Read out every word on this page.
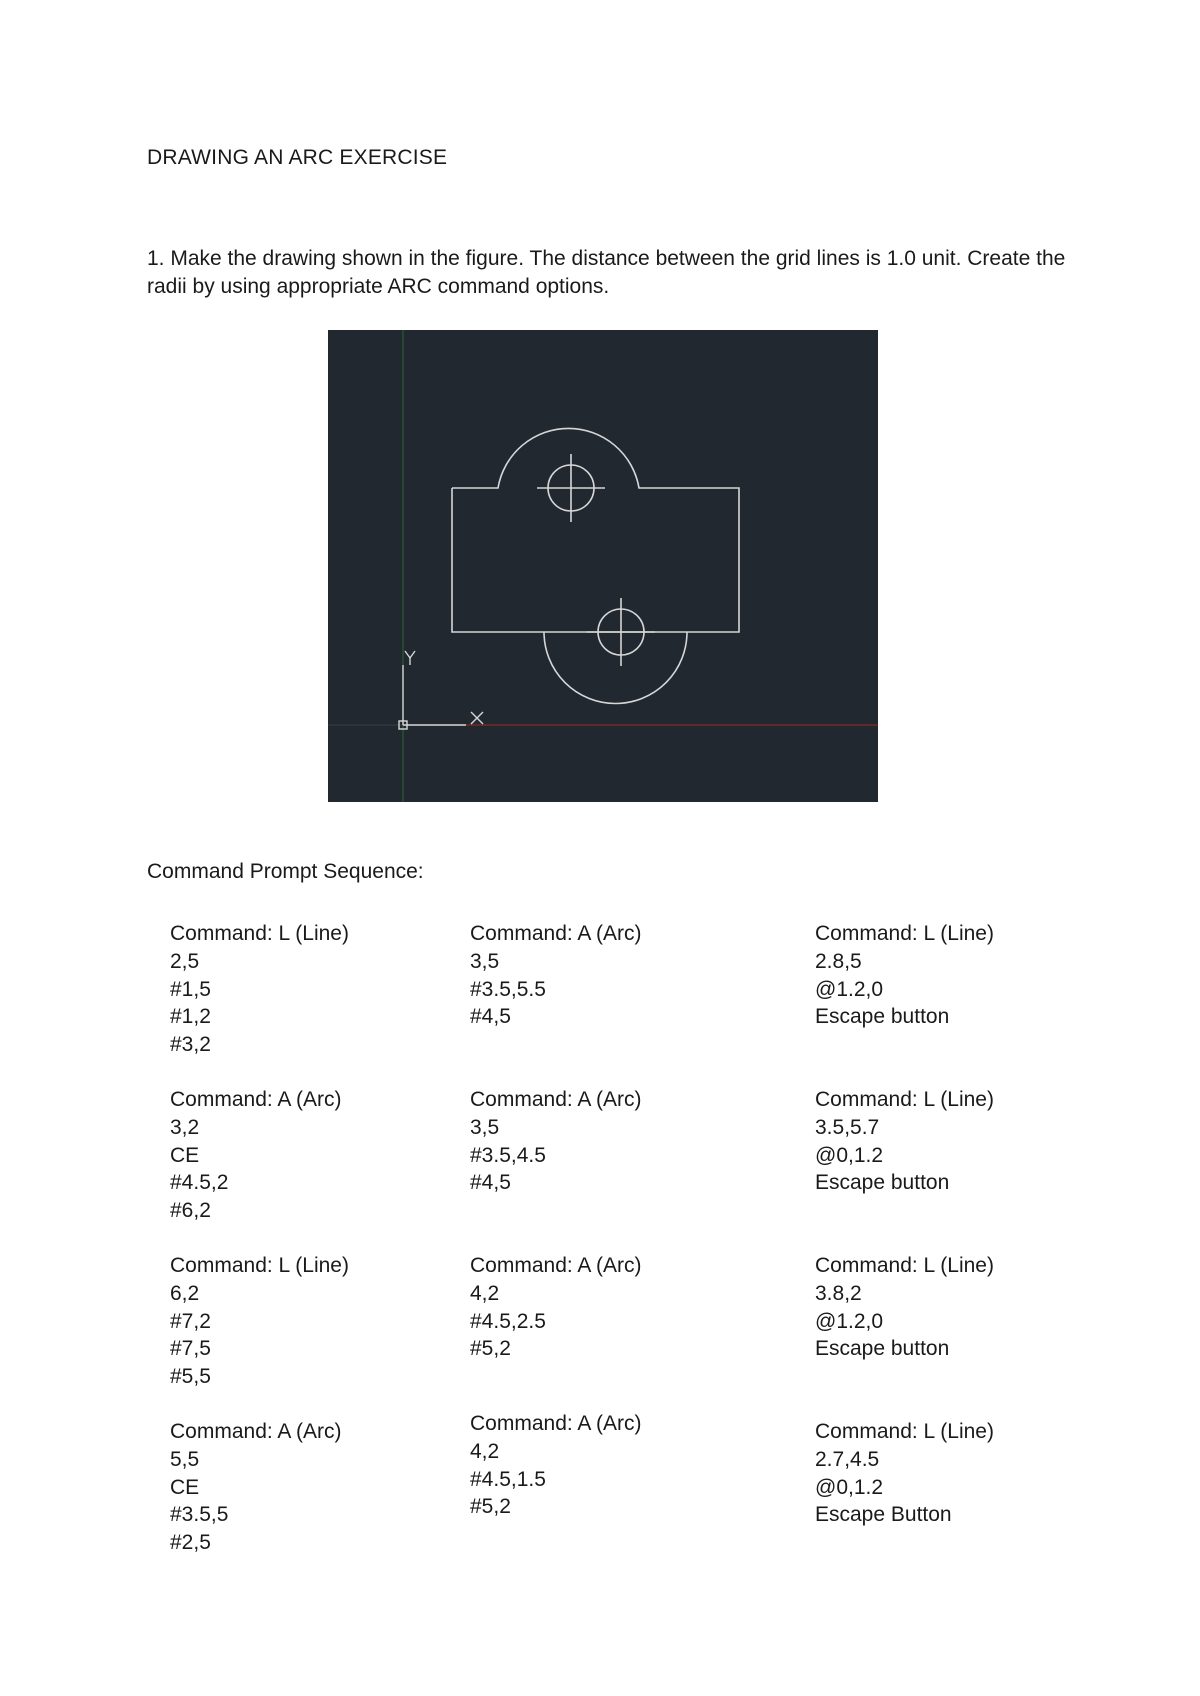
DRAWING AN ARC EXERCISE
1. Make the drawing shown in the figure. The distance between the grid lines is 1.0 unit. Create the radii by using appropriate ARC command options.
Command Prompt Sequence:
Command: L (Line)
2,5
#1,5
#1,2
#3,2
Command: A (Arc)
3,5
#3.5,5.5
#4,5
Command: L (Line)
2.8,5
@1.2,0
Escape button
Command: A (Arc)
3,2
CE
#4.5,2
#6,2
Command: A (Arc)
3,5
#3.5,4.5
#4,5
Command: L (Line)
3.5,5.7
@0,1.2
Escape button
Command: L (Line)
6,2
#7,2
#7,5
#5,5
Command: A (Arc)
4,2
#4.5,2.5
#5,2
Command: L (Line)
3.8,2
@1.2,0
Escape button
Command: A (Arc)
5,5
CE
#3.5,5
#2,5
Command: A (Arc)
4,2
#4.5,1.5
#5,2
Command: L (Line)
2.7,4.5
@0,1.2
Escape Button
